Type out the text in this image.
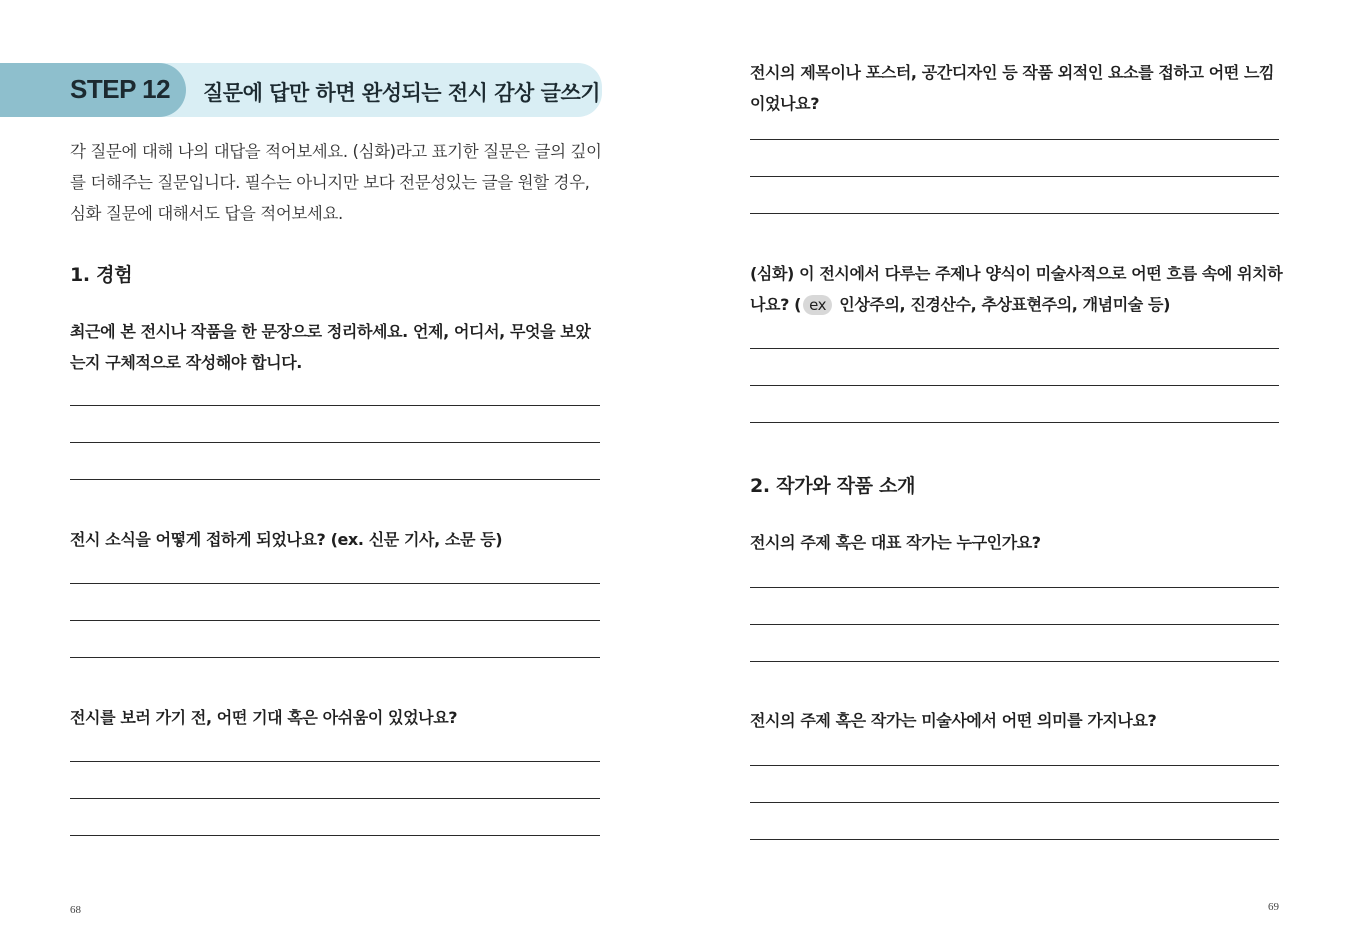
STEP 12 질문에 답만 하면 완성되는 전시 감상 글쓰기

각 질문에 대해 나의 대답을 적어보세요. (심화)라고 표기한 질문은 글의 깊이를 더해주는 질문입니다. 필수는 아니지만 보다 전문성있는 글을 원할 경우, 심화 질문에 대해서도 답을 적어보세요.

1. 경험

최근에 본 전시나 작품을 한 문장으로 정리하세요. 언제, 어디서, 무엇을 보았는지 구체적으로 작성해야 합니다.

전시 소식을 어떻게 접하게 되었나요? (ex. 신문 기사, 소문 등)

전시를 보러 가기 전, 어떤 기대 혹은 아쉬움이 있었나요?

68

전시의 제목이나 포스터, 공간디자인 등 작품 외적인 요소를 접하고 어떤 느낌이었나요?

(심화) 이 전시에서 다루는 주제나 양식이 미술사적으로 어떤 흐름 속에 위치하나요? ( ex 인상주의, 진경산수, 추상표현주의, 개념미술 등)

2. 작가와 작품 소개

전시의 주제 혹은 대표 작가는 누구인가요?

전시의 주제 혹은 작가는 미술사에서 어떤 의미를 가지나요?

69
